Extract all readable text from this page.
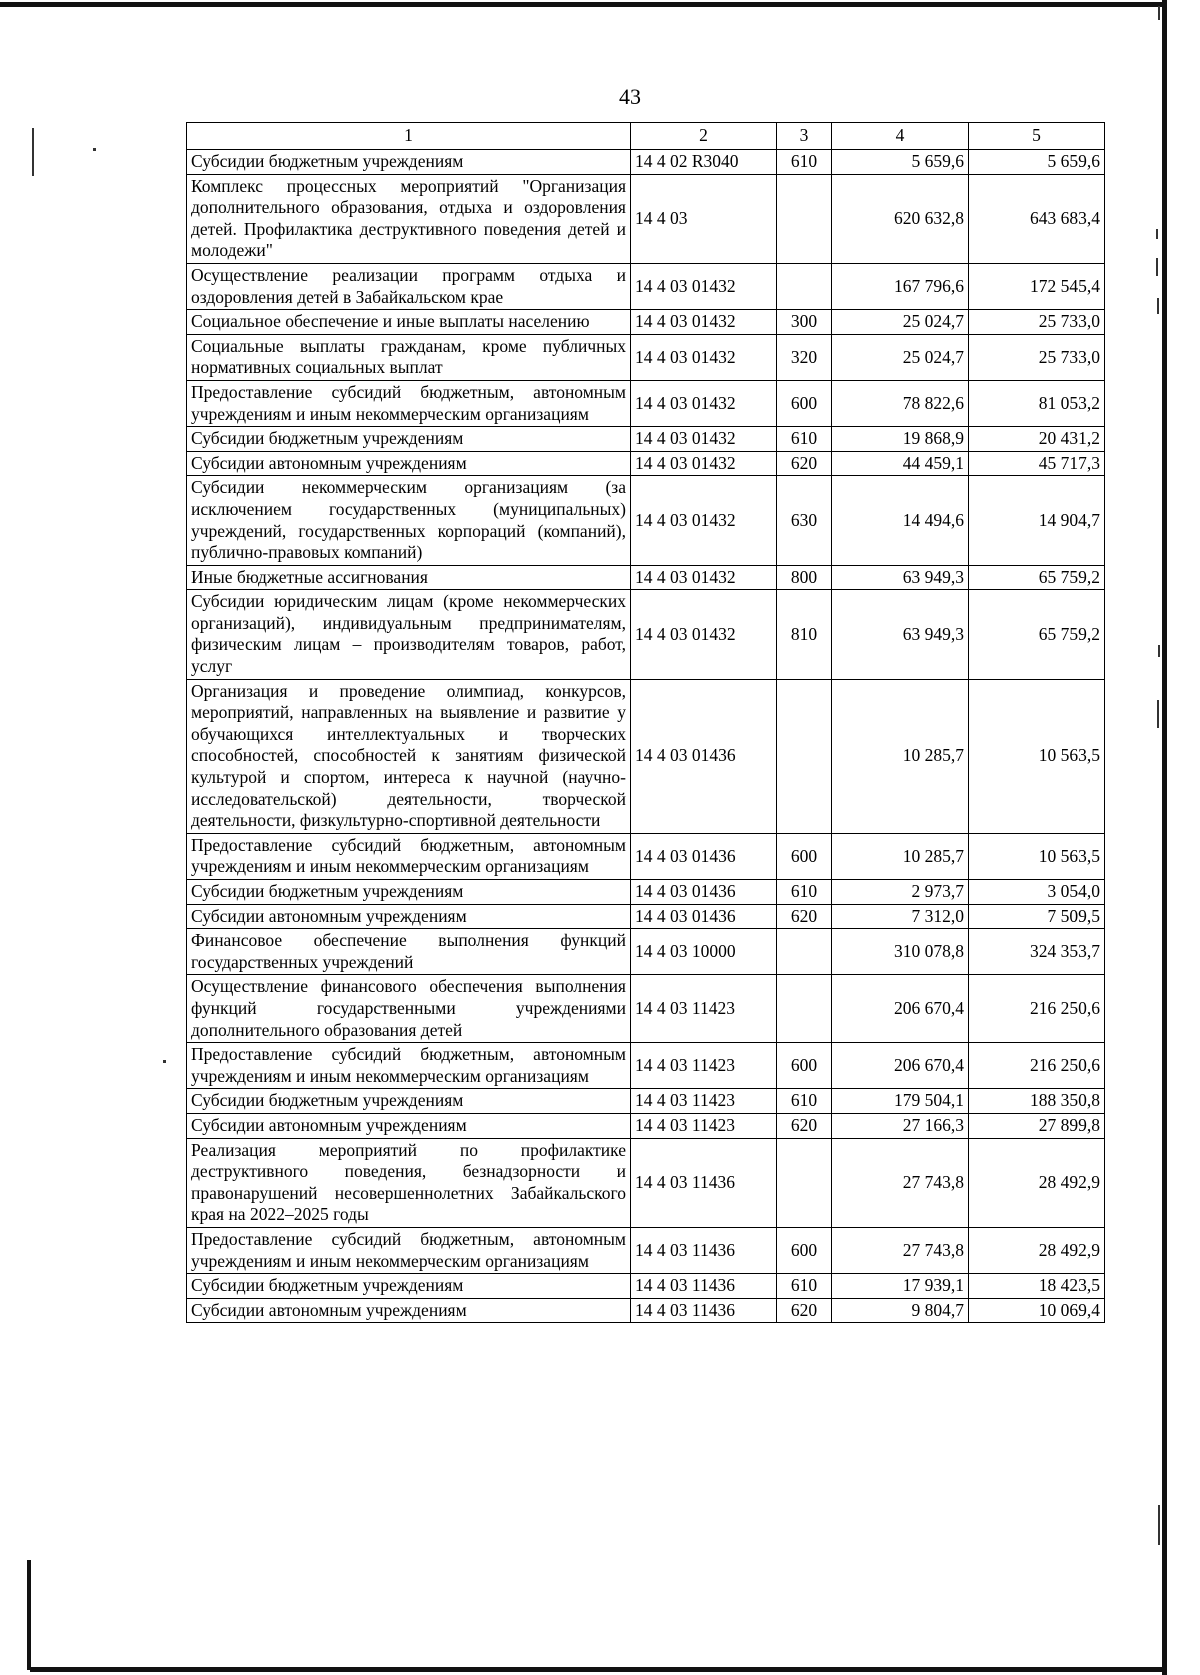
43
1	2	3	4	5
Субсидии бюджетным учреждениям	14 4 02 R3040	610	5 659,6	5 659,6
Комплекс процессных мероприятий "Организация дополнительного образования, отдыха и оздоровления детей. Профилактика деструктивного поведения детей и молодежи"	14 4 03		620 632,8	643 683,4
Осуществление реализации программ отдыха и оздоровления детей в Забайкальском крае	14 4 03 01432		167 796,6	172 545,4
Социальное обеспечение и иные выплаты населению	14 4 03 01432	300	25 024,7	25 733,0
Социальные выплаты гражданам, кроме публичных нормативных социальных выплат	14 4 03 01432	320	25 024,7	25 733,0
Предоставление субсидий бюджетным, автономным учреждениям и иным некоммерческим организациям	14 4 03 01432	600	78 822,6	81 053,2
Субсидии бюджетным учреждениям	14 4 03 01432	610	19 868,9	20 431,2
Субсидии автономным учреждениям	14 4 03 01432	620	44 459,1	45 717,3
Субсидии некоммерческим организациям (за исключением государственных (муниципальных) учреждений, государственных корпораций (компаний), публично-правовых компаний)	14 4 03 01432	630	14 494,6	14 904,7
Иные бюджетные ассигнования	14 4 03 01432	800	63 949,3	65 759,2
Субсидии юридическим лицам (кроме некоммерческих организаций), индивидуальным предпринимателям, физическим лицам – производителям товаров, работ, услуг	14 4 03 01432	810	63 949,3	65 759,2
Организация и проведение олимпиад, конкурсов, мероприятий, направленных на выявление и развитие у обучающихся интеллектуальных и творческих способностей, способностей к занятиям физической культурой и спортом, интереса к научной (научно-исследовательской) деятельности, творческой деятельности, физкультурно-спортивной деятельности	14 4 03 01436		10 285,7	10 563,5
Предоставление субсидий бюджетным, автономным учреждениям и иным некоммерческим организациям	14 4 03 01436	600	10 285,7	10 563,5
Субсидии бюджетным учреждениям	14 4 03 01436	610	2 973,7	3 054,0
Субсидии автономным учреждениям	14 4 03 01436	620	7 312,0	7 509,5
Финансовое обеспечение выполнения функций государственных учреждений	14 4 03 10000		310 078,8	324 353,7
Осуществление финансового обеспечения выполнения функций государственными учреждениями дополнительного образования детей	14 4 03 11423		206 670,4	216 250,6
Предоставление субсидий бюджетным, автономным учреждениям и иным некоммерческим организациям	14 4 03 11423	600	206 670,4	216 250,6
Субсидии бюджетным учреждениям	14 4 03 11423	610	179 504,1	188 350,8
Субсидии автономным учреждениям	14 4 03 11423	620	27 166,3	27 899,8
Реализация мероприятий по профилактике деструктивного поведения, безнадзорности и правонарушений несовершеннолетних Забайкальского края на 2022–2025 годы	14 4 03 11436		27 743,8	28 492,9
Предоставление субсидий бюджетным, автономным учреждениям и иным некоммерческим организациям	14 4 03 11436	600	27 743,8	28 492,9
Субсидии бюджетным учреждениям	14 4 03 11436	610	17 939,1	18 423,5
Субсидии автономным учреждениям	14 4 03 11436	620	9 804,7	10 069,4
